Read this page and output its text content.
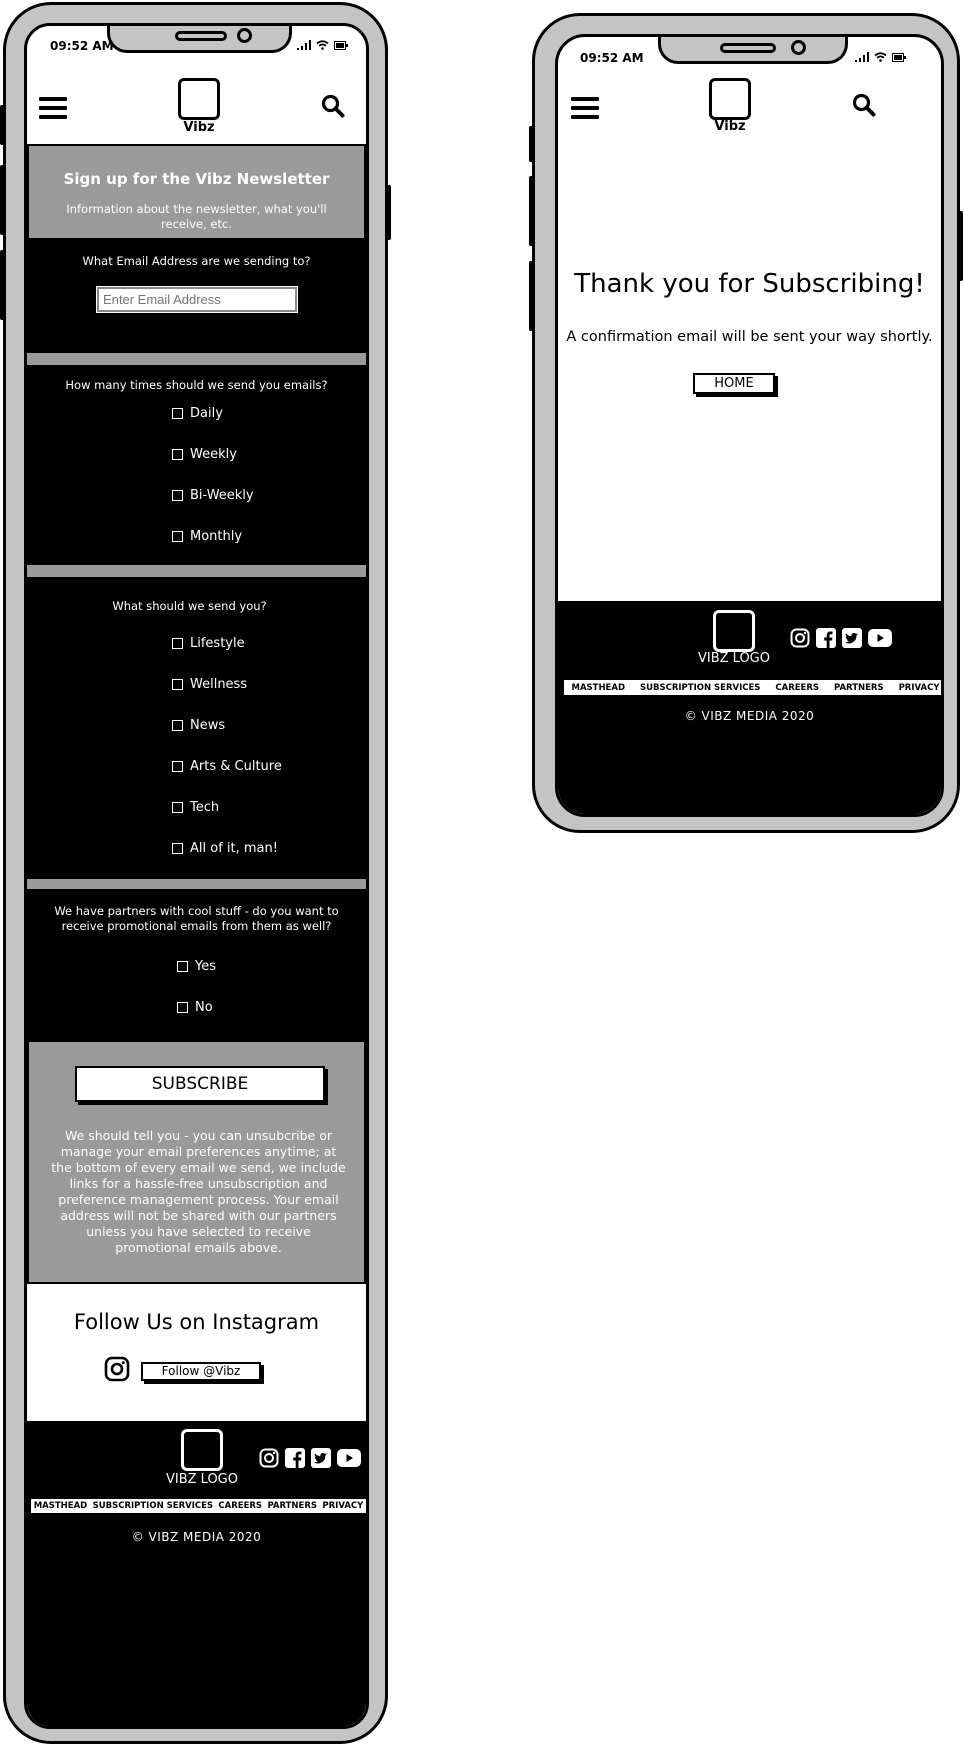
09:52 AM
Vibz
Sign up for the Vibz Newsletter
Information about the newsletter, what you'll receive, etc.
What Email Address are we sending to?
Enter Email Address
How many times should we send you emails?
Daily
Weekly
Bi-Weekly
Monthly
What should we send you?
Lifestyle
Wellness
News
Arts & Culture
Tech
All of it, man!
We have partners with cool stuff - do you want to receive promotional emails from them as well?
Yes
No
SUBSCRIBE
We should tell you - you can unsubcribe or manage your email preferences anytime; at the bottom of every email we send, we include links for a hassle-free unsubscription and preference management process. Your email address will not be shared with our partners unless you have selected to receive promotional emails above.
Follow Us on Instagram
Follow @Vibz
VIBZ LOGO
MASTHEAD SUBSCRIPTION SERVICES CAREERS PARTNERS PRIVACY
© VIBZ MEDIA 2020
09:52 AM
Vibz
Thank you for Subscribing!
A confirmation email will be sent your way shortly.
HOME
VIBZ LOGO
MASTHEAD SUBSCRIPTION SERVICES CAREERS PARTNERS PRIVACY
© VIBZ MEDIA 2020
